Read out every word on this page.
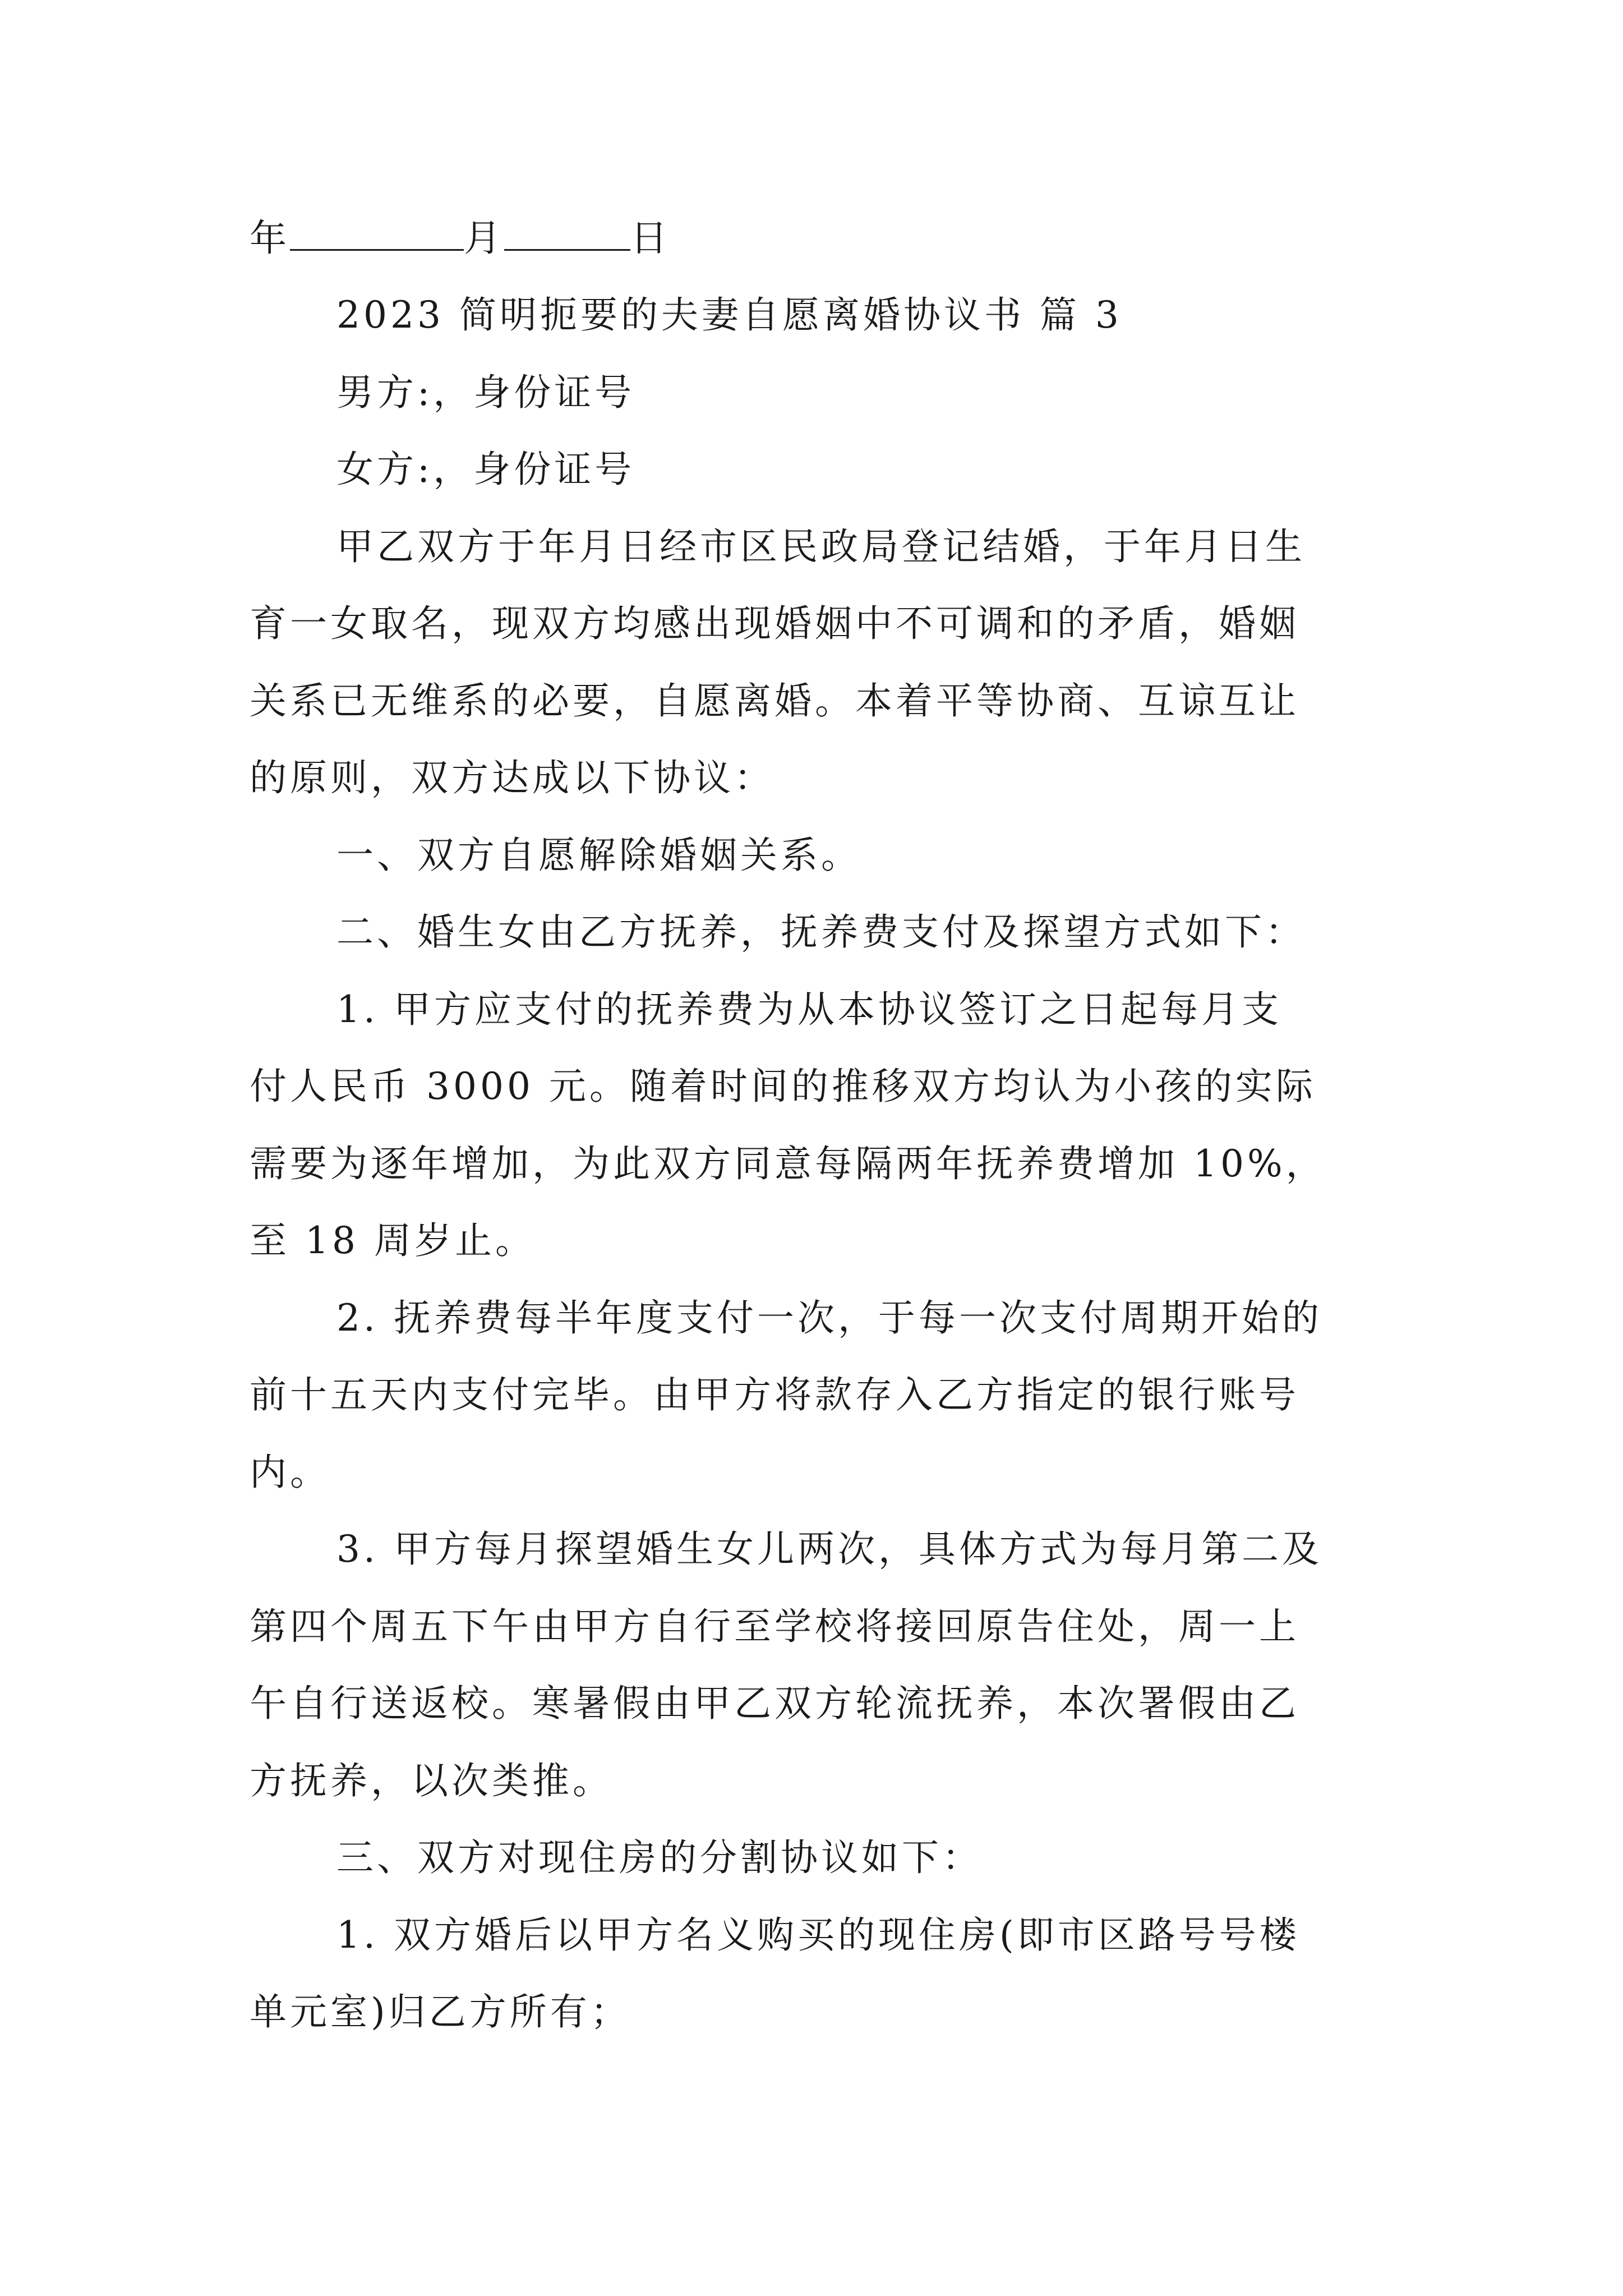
年	月	日
2023 简明扼要的夫妻自愿离婚协议书 篇 3
男方:，身份证号
女方:，身份证号
甲乙双方于年月日经市区民政局登记结婚，于年月日生
育一女取名，现双方均感出现婚姻中不可调和的矛盾，婚姻
关系已无维系的必要，自愿离婚。本着平等协商、互谅互让
的原则，双方达成以下协议：
一、双方自愿解除婚姻关系。
二、婚生女由乙方抚养，抚养费支付及探望方式如下：
1. 甲方应支付的抚养费为从本协议签订之日起每月支
付人民币 3000 元。随着时间的推移双方均认为小孩的实际
需要为逐年增加，为此双方同意每隔两年抚养费增加 10%，
至 18 周岁止。
2. 抚养费每半年度支付一次，于每一次支付周期开始的
前十五天内支付完毕。由甲方将款存入乙方指定的银行账号
内。
3. 甲方每月探望婚生女儿两次，具体方式为每月第二及
第四个周五下午由甲方自行至学校将接回原告住处，周一上
午自行送返校。寒暑假由甲乙双方轮流抚养，本次署假由乙
方抚养，以次类推。
三、双方对现住房的分割协议如下：
1. 双方婚后以甲方名义购买的现住房(即市区路号号楼
单元室)归乙方所有；
